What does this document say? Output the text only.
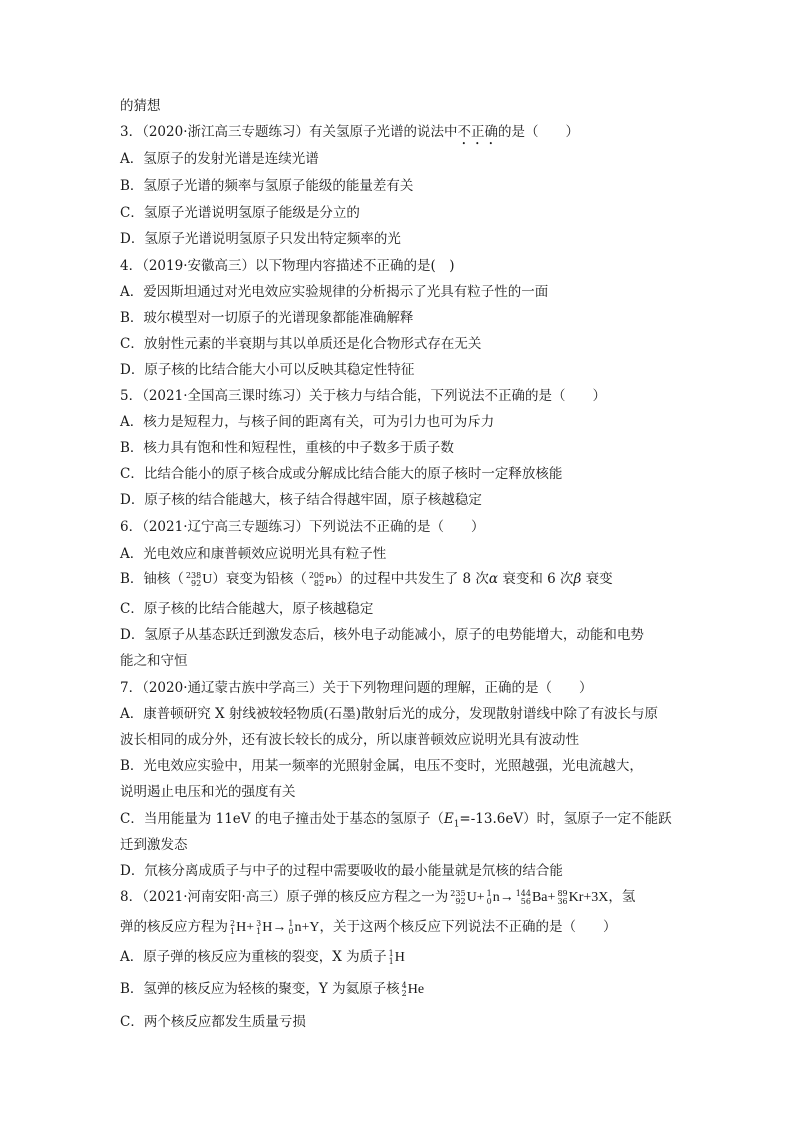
的猜想
3．（2020·浙江高三专题练习）有关氢原子光谱的说法中不正确的是（　　）
A．氢原子的发射光谱是连续光谱
B．氢原子光谱的频率与氢原子能级的能量差有关
C．氢原子光谱说明氢原子能级是分立的
D．氢原子光谱说明氢原子只发出特定频率的光
4．（2019·安徽高三）以下物理内容描述不正确的是(　)
A．爱因斯坦通过对光电效应实验规律的分析揭示了光具有粒子性的一面
B．玻尔模型对一切原子的光谱现象都能准确解释
C．放射性元素的半衰期与其以单质还是化合物形式存在无关
D．原子核的比结合能大小可以反映其稳定性特征
5．（2021·全国高三课时练习）关于核力与结合能，下列说法不正确的是（　　）
A．核力是短程力，与核子间的距离有关，可为引力也可为斥力
B．核力具有饱和性和短程性，重核的中子数多于质子数
C．比结合能小的原子核合成或分解成比结合能大的原子核时一定释放核能
D．原子核的结合能越大，核子结合得越牢固，原子核越稳定
6．（2021·辽宁高三专题练习）下列说法不正确的是（　　）
A．光电效应和康普顿效应说明光具有粒子性
B．铀核（ 238
92 U）衰变为铅核（ 206
82 Pb）的过程中共发生了 8 次α 衰变和 6 次β 衰变
C．原子核的比结合能越大，原子核越稳定
D．氢原子从基态跃迁到激发态后，核外电子动能减小，原子的电势能增大，动能和电势
能之和守恒
7．（2020·通辽蒙古族中学高三）关于下列物理问题的理解，正确的是（　　）
A．康普顿研究 X 射线被较轻物质(石墨)散射后光的成分，发现散射谱线中除了有波长与原
波长相同的成分外，还有波长较长的成分，所以康普顿效应说明光具有波动性
B．光电效应实验中，用某一频率的光照射金属，电压不变时，光照越强，光电流越大，
说明遏止电压和光的强度有关
C．当用能量为 11eV 的电子撞击处于基态的氢原子$(E_1=-13.6eV)$时，氢原子一定不能跃
迁到激发态
D．氘核分离成质子与中子的过程中需要吸收的最小能量就是氘核的结合能
8．（2021·河南安阳·高三）原子弹的核反应方程之一为 235
92 U+ 1
0 n→ 144
56 Ba+ 89
36 Kr+3X，氢
弹的核反应方程为 2
1 H+ 3
1 H→ 1
0 n+Y，关于这两个核反应下列说法不正确的是（　　）
A．原子弹的核反应为重核的裂变，X 为质子 1
1 H
B．氢弹的核反应为轻核的聚变，Y 为氦原子核 4
2 He
C．两个核反应都发生质量亏损
